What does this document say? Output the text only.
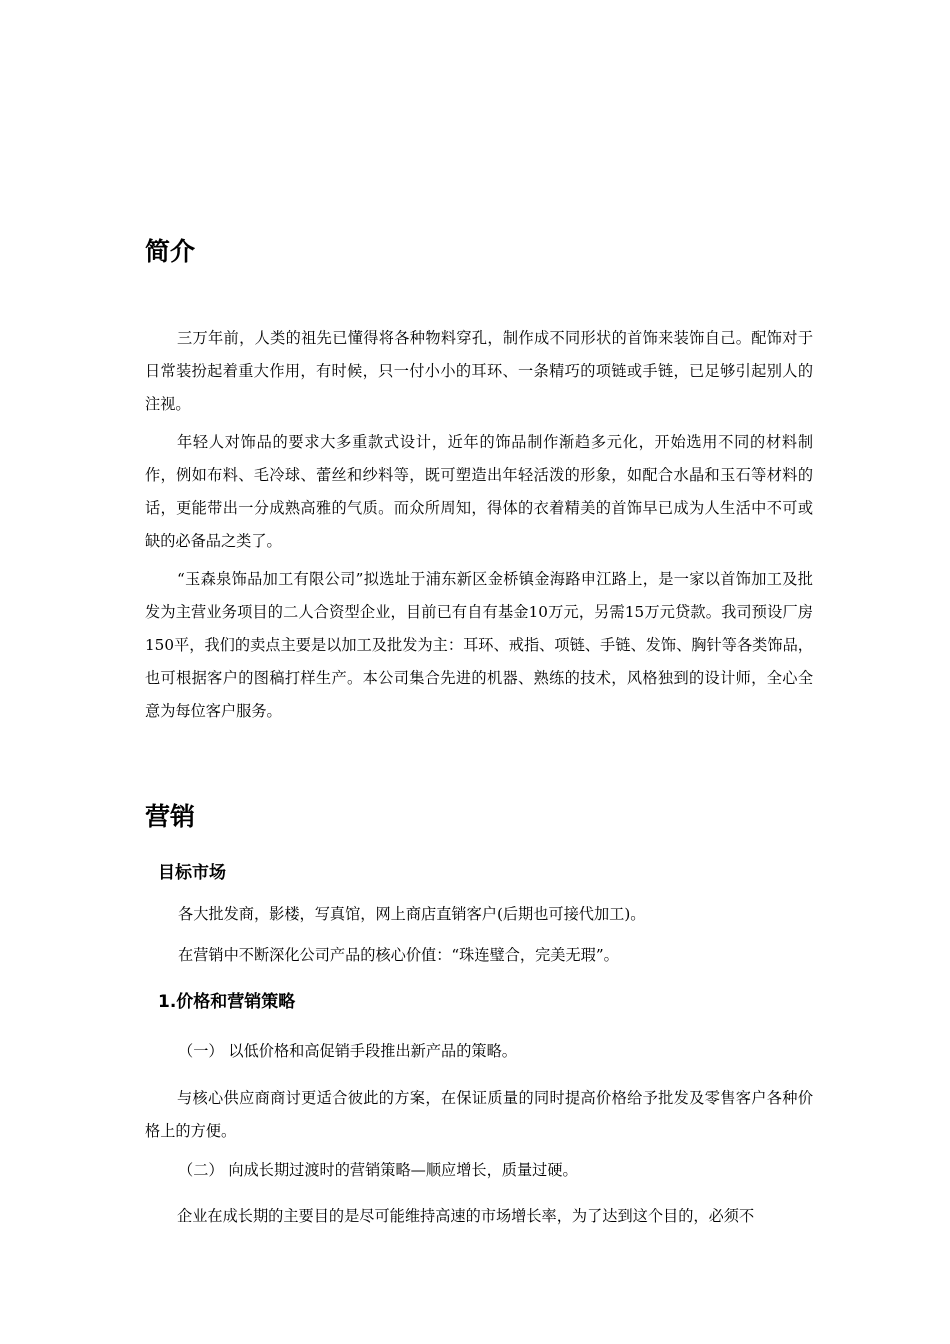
简介

三万年前，人类的祖先已懂得将各种物料穿孔，制作成不同形状的首饰来装饰自己。配饰对于日常装扮起着重大作用，有时候，只一付小小的耳环、一条精巧的项链或手链，已足够引起别人的注视。

年轻人对饰品的要求大多重款式设计，近年的饰品制作渐趋多元化，开始选用不同的材料制作，例如布料、毛冷球、蕾丝和纱料等，既可塑造出年轻活泼的形象，如配合水晶和玉石等材料的话，更能带出一分成熟高雅的气质。而众所周知，得体的衣着精美的首饰早已成为人生活中不可或缺的必备品之类了。

“玉森泉饰品加工有限公司”拟选址于浦东新区金桥镇金海路申江路上，是一家以首饰加工及批发为主营业务项目的二人合资型企业，目前已有自有基金10万元，另需15万元贷款。我司预设厂房150平，我们的卖点主要是以加工及批发为主：耳环、戒指、项链、手链、发饰、胸针等各类饰品，也可根据客户的图稿打样生产。本公司集合先进的机器、熟练的技术，风格独到的设计师，全心全意为每位客户服务。

营销
目标市场

各大批发商，影楼，写真馆，网上商店直销客户(后期也可接代加工)。

在营销中不断深化公司产品的核心价值：“珠连璧合，完美无瑕”。

1.价格和营销策略

（一） 以低价格和高促销手段推出新产品的策略。

与核心供应商商讨更适合彼此的方案，在保证质量的同时提高价格给予批发及零售客户各种价格上的方便。

（二） 向成长期过渡时的营销策略—顺应增长，质量过硬。

企业在成长期的主要目的是尽可能维持高速的市场增长率，为了达到这个目的，必须不
